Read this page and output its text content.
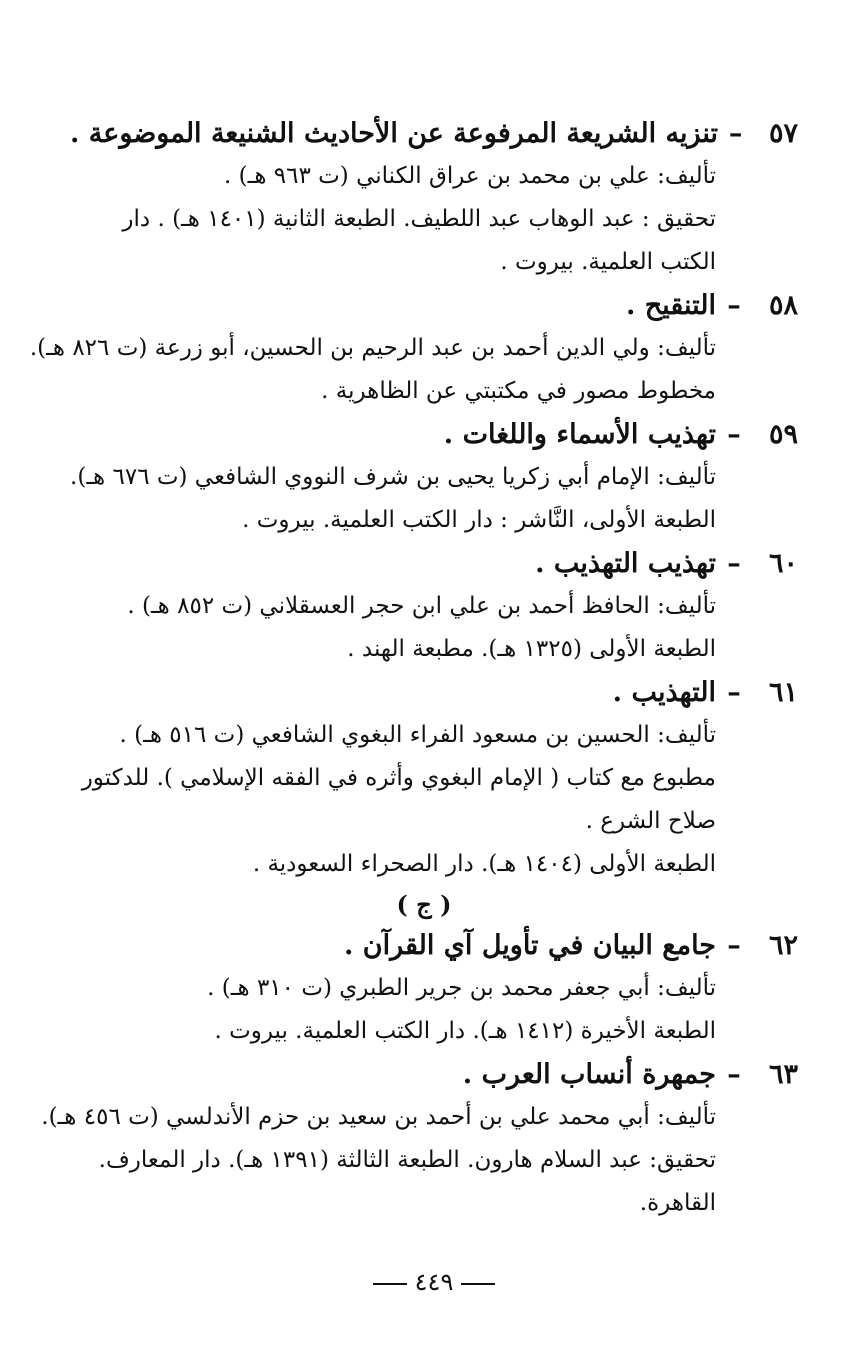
٥٧
–
تنزيه الشريعة المرفوعة عن الأحاديث الشنيعة الموضوعة .
تأليف: علي بن محمد بن عراق الكناني (ت ٩٦٣ هـ) .
تحقيق : عبد الوهاب عبد اللطيف. الطبعة الثانية (١٤٠١ هـ) . دار
الكتب العلمية. بيروت .
٥٨
–
التنقيح .
تأليف: ولي الدين أحمد بن عبد الرحيم بن الحسين، أبو زرعة (ت ٨٢٦ هـ).
مخطوط مصور في مكتبتي عن الظاهرية .
٥٩
–
تهذيب الأسماء واللغات .
تأليف: الإمام أبي زكريا يحيى بن شرف النووي الشافعي (ت ٦٧٦ هـ).
الطبعة الأولى، النَّاشر : دار الكتب العلمية. بيروت .
٦٠
–
تهذيب التهذيب .
تأليف: الحافظ أحمد بن علي ابن حجر العسقلاني (ت ٨٥٢ هـ) .
الطبعة الأولى (١٣٢٥ هـ). مطبعة الهند .
٦١
–
التهذيب .
تأليف: الحسين بن مسعود الفراء البغوي الشافعي (ت ٥١٦ هـ) .
مطبوع مع كتاب ( الإمام البغوي وأثره في الفقه الإسلامي ). للدكتور
صلاح الشرع .
الطبعة الأولى (١٤٠٤ هـ). دار الصحراء السعودية .
( ج )
٦٢
–
جامع البيان في تأويل آي القرآن .
تأليف: أبي جعفر محمد بن جرير الطبري (ت ٣١٠ هـ) .
الطبعة الأخيرة (١٤١٢ هـ). دار الكتب العلمية. بيروت .
٦٣
–
جمهرة أنساب العرب .
تأليف: أبي محمد علي بن أحمد بن سعيد بن حزم الأندلسي (ت ٤٥٦ هـ).
تحقيق: عبد السلام هارون. الطبعة الثالثة (١٣٩١ هـ). دار المعارف.
القاهرة.
٤٤٩
